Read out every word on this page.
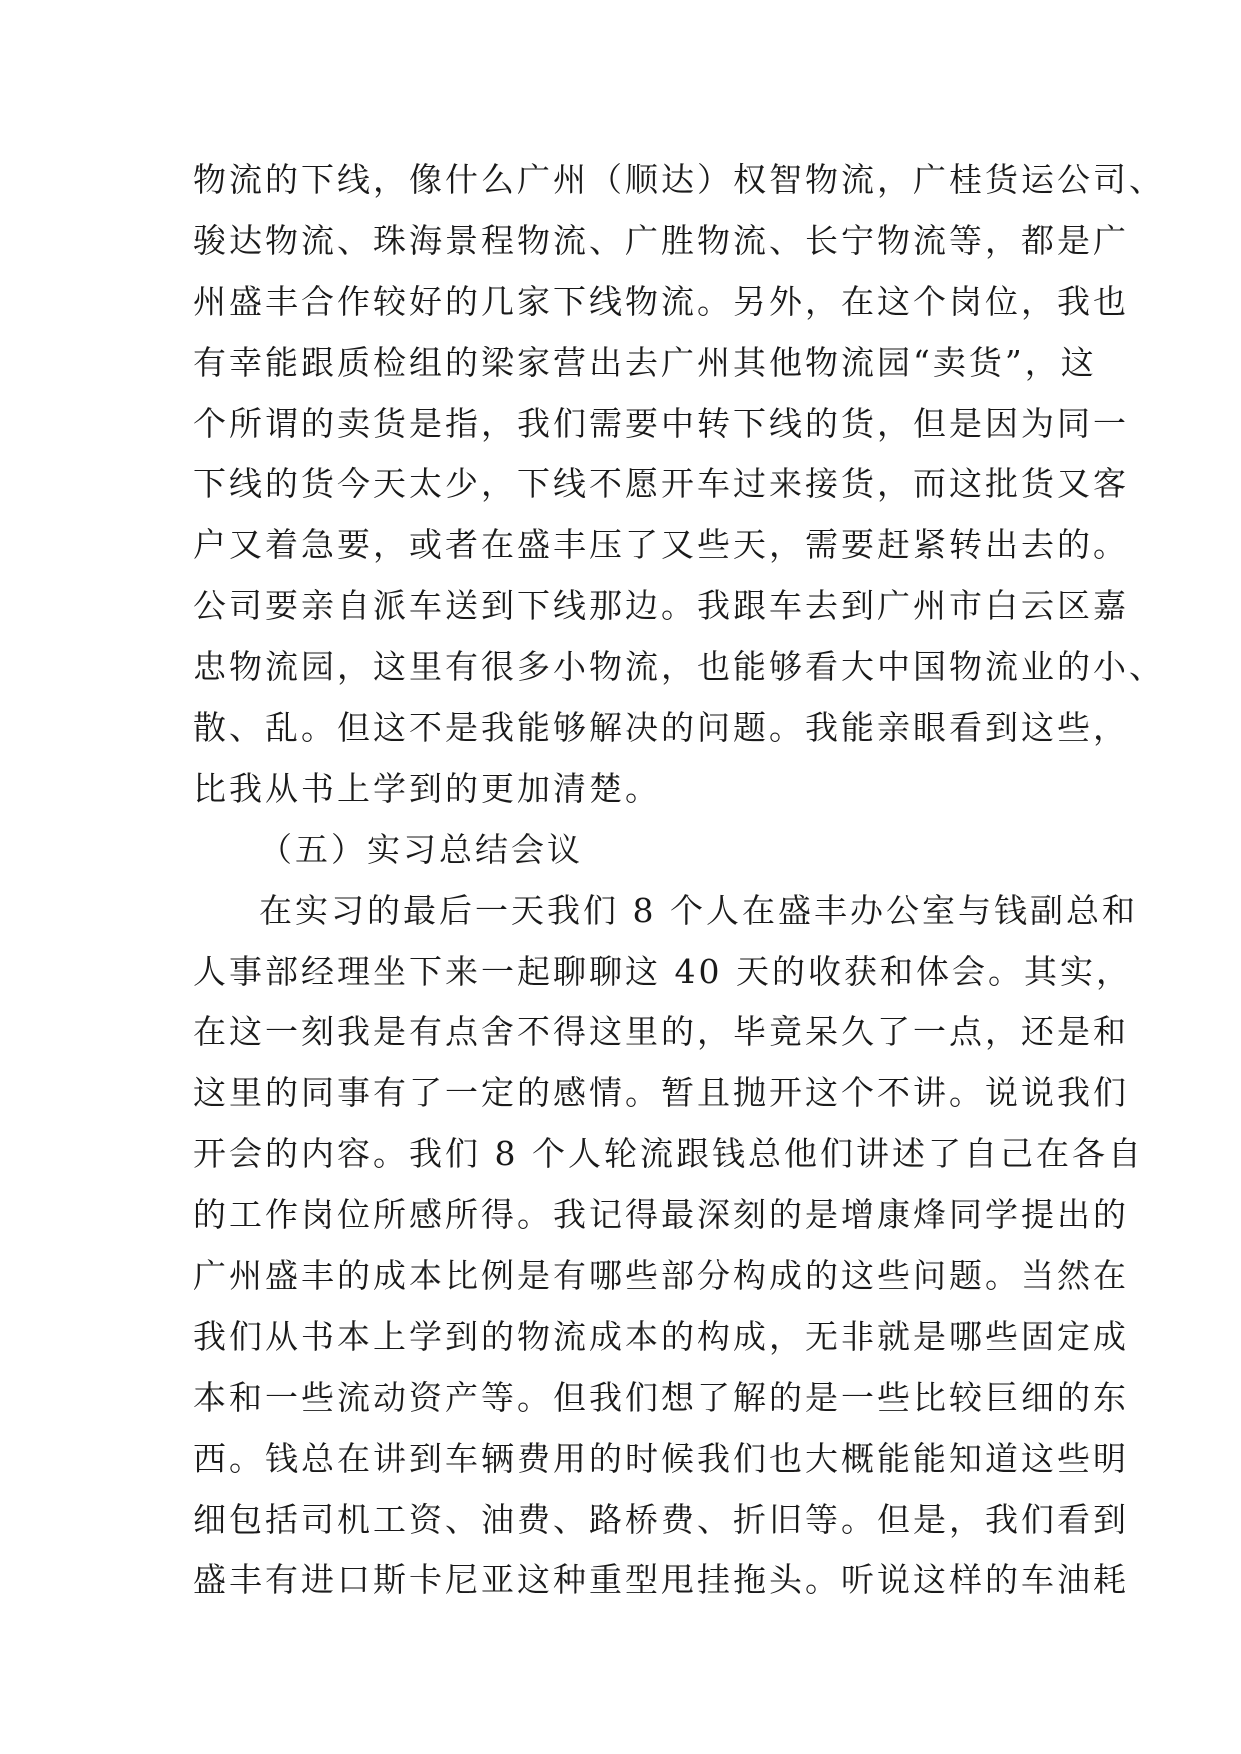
物流的下线，像什么广州（顺达）权智物流，广桂货运公司、
骏达物流、珠海景程物流、广胜物流、长宁物流等，都是广
州盛丰合作较好的几家下线物流。另外，在这个岗位，我也
有幸能跟质检组的梁家营出去广州其他物流园“卖货”，这
个所谓的卖货是指，我们需要中转下线的货，但是因为同一
下线的货今天太少，下线不愿开车过来接货，而这批货又客
户又着急要，或者在盛丰压了又些天，需要赶紧转出去的。
公司要亲自派车送到下线那边。我跟车去到广州市白云区嘉
忠物流园，这里有很多小物流，也能够看大中国物流业的小、
散、乱。但这不是我能够解决的问题。我能亲眼看到这些，
比我从书上学到的更加清楚。
（五）实习总结会议
在实习的最后一天我们 8 个人在盛丰办公室与钱副总和
人事部经理坐下来一起聊聊这 40 天的收获和体会。其实，
在这一刻我是有点舍不得这里的，毕竟呆久了一点，还是和
这里的同事有了一定的感情。暂且抛开这个不讲。说说我们
开会的内容。我们 8 个人轮流跟钱总他们讲述了自己在各自
的工作岗位所感所得。我记得最深刻的是增康烽同学提出的
广州盛丰的成本比例是有哪些部分构成的这些问题。当然在
我们从书本上学到的物流成本的构成，无非就是哪些固定成
本和一些流动资产等。但我们想了解的是一些比较巨细的东
西。钱总在讲到车辆费用的时候我们也大概能能知道这些明
细包括司机工资、油费、路桥费、折旧等。但是，我们看到
盛丰有进口斯卡尼亚这种重型甩挂拖头。听说这样的车油耗
